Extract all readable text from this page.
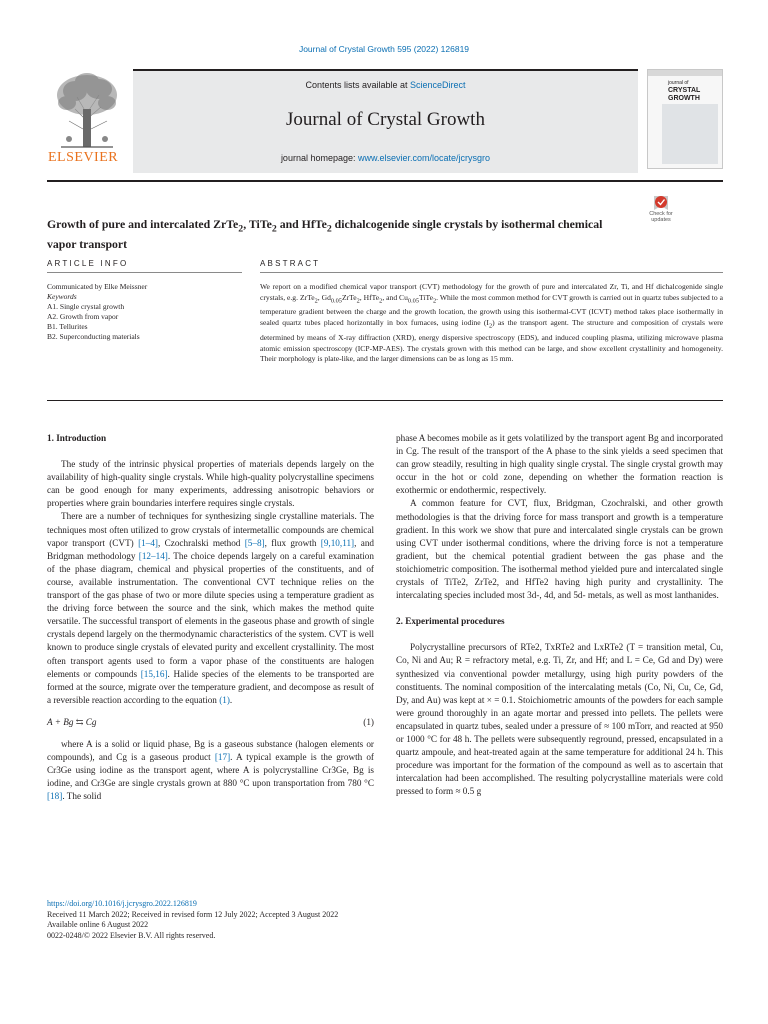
Journal of Crystal Growth 595 (2022) 126819
ELSEVIER
Contents lists available at ScienceDirect
Journal of Crystal Growth
journal homepage: www.elsevier.com/locate/jcrysgro
journal of
CRYSTAL
GROWTH
Growth of pure and intercalated ZrTe$_2$, TiTe$_2$ and HfTe$_2$ dichalcogenide single crystals by isothermal chemical vapor transport
Check for updates
ARTICLE INFO	ABSTRACT
Communicated by Elke Meissner
Keywords
A1. Single crystal growth
A2. Growth from vapor
B1. Tellurites
B2. Superconducting materials
We report on a modified chemical vapor transport (CVT) methodology for the growth of pure and intercalated Zr, Ti, and Hf dichalcogenide single crystals, e.g. ZrTe$_2$, $Gd_{0.05}ZrTe_2$, HfTe$_2$, and $Cu_{0.05}TiTe_2$. While the most common method for CVT growth is carried out in quartz tubes subjected to a temperature gradient between the charge and the growth location, the growth using this isothermal-CVT (ICVT) method takes place isothermally in sealed quartz tubes placed horizontally in box furnaces, using iodine $(I_2)$ as the transport agent. The structure and composition of crystals were determined by means of X-ray diffraction (XRD), energy dispersive spectroscopy (EDS), and induced coupling plasma, utilizing microwave plasma atomic emission spectroscopy (ICP-MP-AES). The crystals grown with this method can be large, and show excellent crystallinity and homogeneity. Their morphology is plate-like, and the larger dimensions can be as long as 15 mm.
1. Introduction

The study of the intrinsic physical properties of materials depends largely on the availability of high-quality single crystals. While high-quality polycrystalline specimens can be good enough for many experiments, addressing anisotropic behaviors or properties where grain boundaries interfere requires single crystals.

There are a number of techniques for synthesizing single crystalline materials. The techniques most often utilized to grow crystals of intermetallic compounds are chemical vapor transport (CVT) [1–4], Czochralski method [5–8], flux growth [9,10,11], and Bridgman methodology [12–14]. The choice depends largely on a careful examination of the phase diagram, chemical and physical properties of the constituents, and of course, available instrumentation. The conventional CVT technique relies on the transport of the gas phase of two or more dilute species using a temperature gradient as the driving force between the source and the sink, which makes the method quite versatile. The successful transport of elements in the gaseous phase and growth of single crystals depend largely on the thermodynamic characteristics of the system. CVT is well known to produce single crystals of elevated purity and excellent crystallinity. The most often transport agents used to form a vapor phase of the constituents are halogen elements or compounds [15,16]. Halide species of the elements to be transported are formed at the source, migrate over the temperature gradient, and decompose as result of a reversible reaction according to the equation (1).

A + Bg ⇆ Cg	(1)

where A is a solid or liquid phase, Bg is a gaseous substance (halogen elements or compounds), and Cg is a gaseous product [17]. A typical example is the growth of Cr3Ge using iodine as the transport agent, where A is polycrystalline Cr3Ge, Bg is iodine, and Cr3Ge are single crystals grown at 880 °C upon transportation from 780 °C [18]. The solid

phase A becomes mobile as it gets volatilized by the transport agent Bg and incorporated in Cg. The result of the transport of the A phase to the sink yields a seed specimen that can grow steadily, resulting in high quality single crystal. The single crystal growth may occur in the hot or cold zone, depending on whether the formation reaction is exothermic or endothermic, respectively.

A common feature for CVT, flux, Bridgman, Czochralski, and other growth methodologies is that the driving force for mass transport and growth is a temperature gradient. In this work we show that pure and intercalated single crystals can be grown using CVT under isothermal conditions, where the driving force is not a temperature gradient, but the chemical potential gradient between the gas phase and the stoichiometric composition. The isothermal method yielded pure and intercalated single crystals of TiTe2, ZrTe2, and HfTe2 having high purity and crystallinity. The intercalating species included most 3d-, 4d, and 5d- metals, as well as most lanthanides.

2. Experimental procedures

Polycrystalline precursors of RTe2, TxRTe2 and LxRTe2 (T = transition metal, Cu, Co, Ni and Au; R = refractory metal, e.g. Ti, Zr, and Hf; and L = Ce, Gd and Dy) were synthesized via conventional powder metallurgy, using high purity powders of the constituents. The nominal composition of the intercalating metals (Co, Ni, Cu, Ce, Gd, Dy, and Au) was kept at × = 0.1. Stoichiometric amounts of the powders for each sample were ground thoroughly in an agate mortar and pressed into pellets. The pellets were encapsulated in quartz tubes, sealed under a pressure of ≈ 100 mTorr, and reacted at 950 or 1000 °C for 48 h. The pellets were subsequently reground, pressed, encapsulated in a quartz ampoule, and heat-treated again at the same temperature for additional 24 h. This procedure was important for the formation of the compound as well as to ascertain that intercalation had been accomplished. The resulting polycrystalline materials were cold pressed to form ≈ 0.5 g

https://doi.org/10.1016/j.jcrysgro.2022.126819
Received 11 March 2022; Received in revised form 12 July 2022; Accepted 3 August 2022
Available online 6 August 2022
0022-0248/© 2022 Elsevier B.V. All rights reserved.
